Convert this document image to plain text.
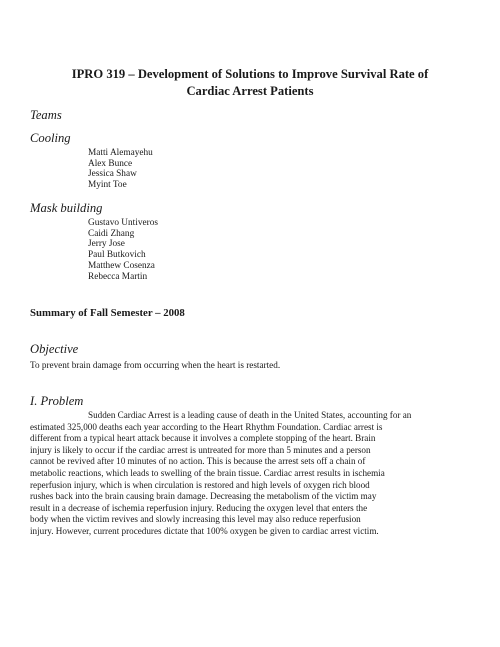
IPRO 319 – Development of Solutions to Improve Survival Rate of
Cardiac Arrest Patients
Teams
Cooling
Matti Alemayehu
Alex Bunce
Jessica Shaw
Myint Toe
Mask building
Gustavo Untiveros
Caidi Zhang
Jerry Jose
Paul Butkovich
Matthew Cosenza
Rebecca Martin
Summary of Fall Semester – 2008
Objective
To prevent brain damage from occurring when the heart is restarted.
I. Problem
Sudden Cardiac Arrest is a leading cause of death in the United States, accounting for an
estimated 325,000 deaths each year according to the Heart Rhythm Foundation. Cardiac arrest is
different from a typical heart attack because it involves a complete stopping of the heart. Brain
injury is likely to occur if the cardiac arrest is untreated for more than 5 minutes and a person
cannot be revived after 10 minutes of no action. This is because the arrest sets off a chain of
metabolic reactions, which leads to swelling of the brain tissue. Cardiac arrest results in ischemia
reperfusion injury, which is when circulation is restored and high levels of oxygen rich blood
rushes back into the brain causing brain damage. Decreasing the metabolism of the victim may
result in a decrease of ischemia reperfusion injury. Reducing the oxygen level that enters the
body when the victim revives and slowly increasing this level may also reduce reperfusion
injury. However, current procedures dictate that 100% oxygen be given to cardiac arrest victim.
